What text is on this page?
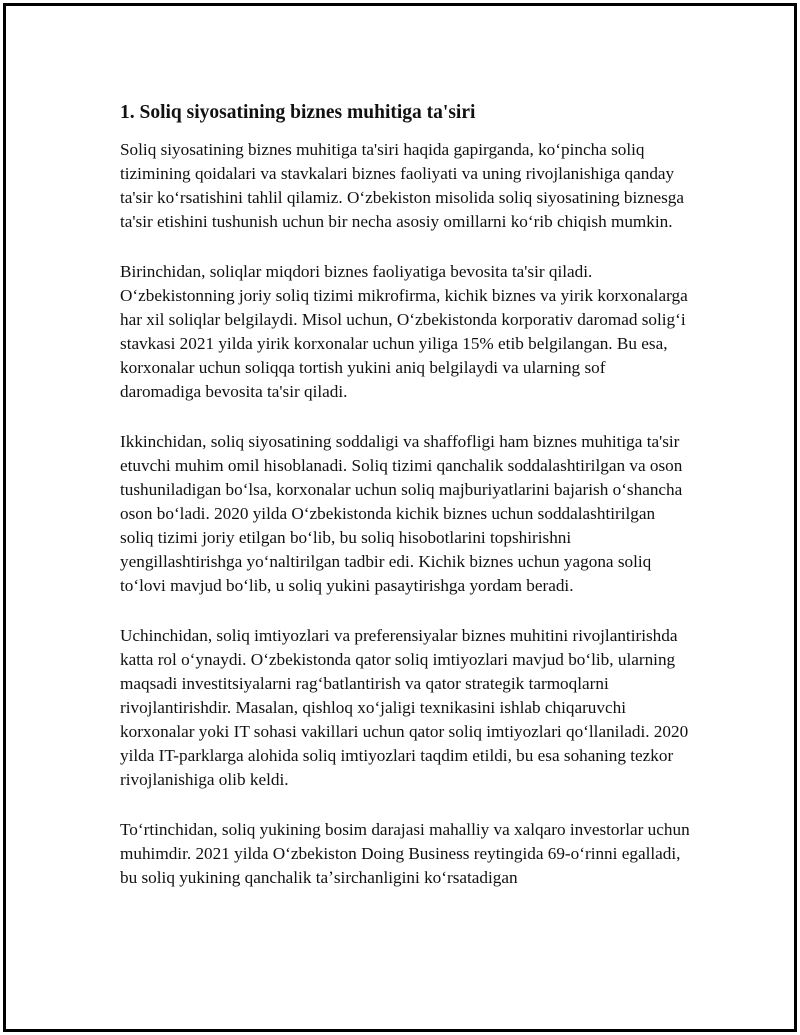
1. Soliq siyosatining biznes muhitiga ta'siri

Soliq siyosatining biznes muhitiga ta'siri haqida gapirganda, koʻpincha soliq tizimining qoidalari va stavkalari biznes faoliyati va uning rivojlanishiga qanday ta'sir koʻrsatishini tahlil qilamiz. Oʻzbekiston misolida soliq siyosatining biznesga ta'sir etishini tushunish uchun bir necha asosiy omillarni koʻrib chiqish mumkin.

Birinchidan, soliqlar miqdori biznes faoliyatiga bevosita ta'sir qiladi. Oʻzbekistonning joriy soliq tizimi mikrofirma, kichik biznes va yirik korxonalarga har xil soliqlar belgilaydi. Misol uchun, Oʻzbekistonda korporativ daromad soligʻi stavkasi 2021 yilda yirik korxonalar uchun yiliga 15% etib belgilangan. Bu esa, korxonalar uchun soliqqa tortish yukini aniq belgilaydi va ularning sof daromadiga bevosita ta'sir qiladi.

Ikkinchidan, soliq siyosatining soddaligi va shaffofligi ham biznes muhitiga ta'sir etuvchi muhim omil hisoblanadi. Soliq tizimi qanchalik soddalashtirilgan va oson tushuniladigan boʻlsa, korxonalar uchun soliq majburiyatlarini bajarish oʻshancha oson boʻladi. 2020 yilda Oʻzbekistonda kichik biznes uchun soddalashtirilgan soliq tizimi joriy etilgan boʻlib, bu soliq hisobotlarini topshirishni yengillashtirishga yoʻnaltirilgan tadbir edi. Kichik biznes uchun yagona soliq toʻlovi mavjud boʻlib, u soliq yukini pasaytirishga yordam beradi.

Uchinchidan, soliq imtiyozlari va preferensiyalar biznes muhitini rivojlantirishda katta rol oʻynaydi. Oʻzbekistonda qator soliq imtiyozlari mavjud boʻlib, ularning maqsadi investitsiyalarni ragʻbatlantirish va qator strategik tarmoqlarni rivojlantirishdir. Masalan, qishloq xoʻjaligi texnikasini ishlab chiqaruvchi korxonalar yoki IT sohasi vakillari uchun qator soliq imtiyozlari qoʻllaniladi. 2020 yilda IT-parklarga alohida soliq imtiyozlari taqdim etildi, bu esa sohaning tezkor rivojlanishiga olib keldi.

Toʻrtinchidan, soliq yukining bosim darajasi mahalliy va xalqaro investorlar uchun muhimdir. 2021 yilda Oʻzbekiston Doing Business reytingida 69-oʻrinni egalladi, bu soliq yukining qanchalik taʼsirchanligini koʻrsatadigan
